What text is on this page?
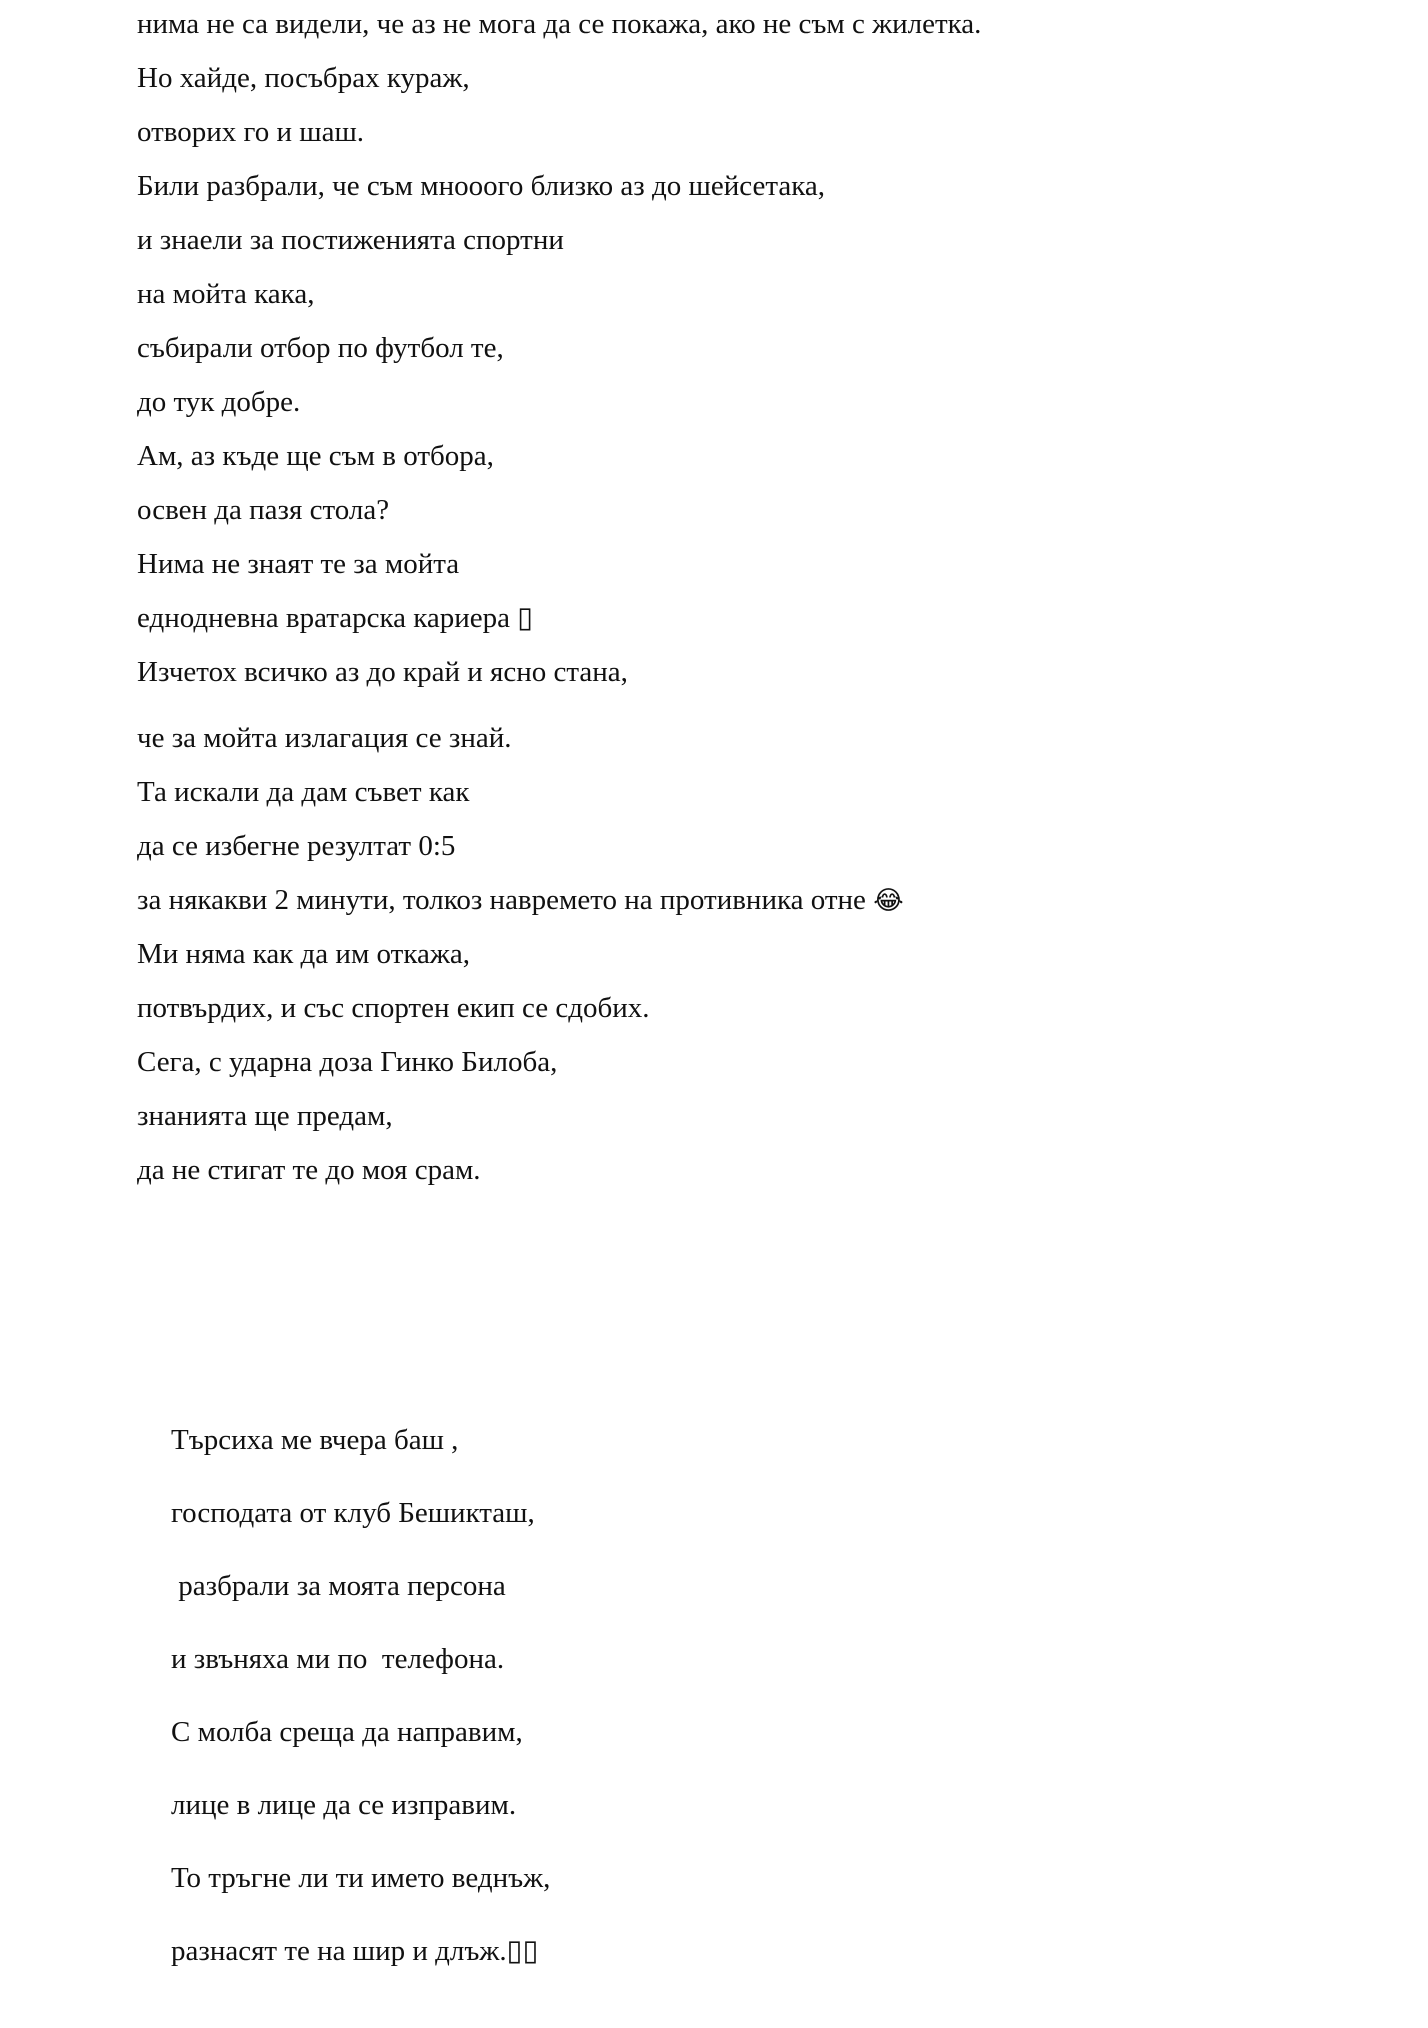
нима не са видели, че аз не мога да се покажа, ако не съм с жилетка.

Но хайде, посъбрах кураж,

отворих го и шаш.

Били разбрали, че съм мнооого близко аз до шейсетака,

и знаели за постиженията спортни

на мойта кака,

събирали отбор по футбол те,

до тук добре.

Ам, аз къде ще съм в отбора,

освен да пазя стола?

Нима не знаят те за мойта

еднодневна вратарска кариера ▯

Изчетох всичко аз до край и ясно стана,

че за мойта излагация се знай.

Та искали да дам съвет как

да се избегне резултат 0:5

за някакви 2 минути, толкоз навремето на противника отне 😂

Ми няма как да им откажа,

потвърдих, и със спортен екип се сдобих.

Сега, с ударна доза Гинко Билоба,

знанията ще предам,

да не стигат те до моя срам.

Търсиха ме вчера баш ,

господата от клуб Бешикташ,

разбрали за моята персона

и звъняха ми по  телефона.

С молба среща да направим,

лице в лице да се изправим.

То тръгне ли ти името веднъж,

разнасят те на шир и длъж.▯▯
